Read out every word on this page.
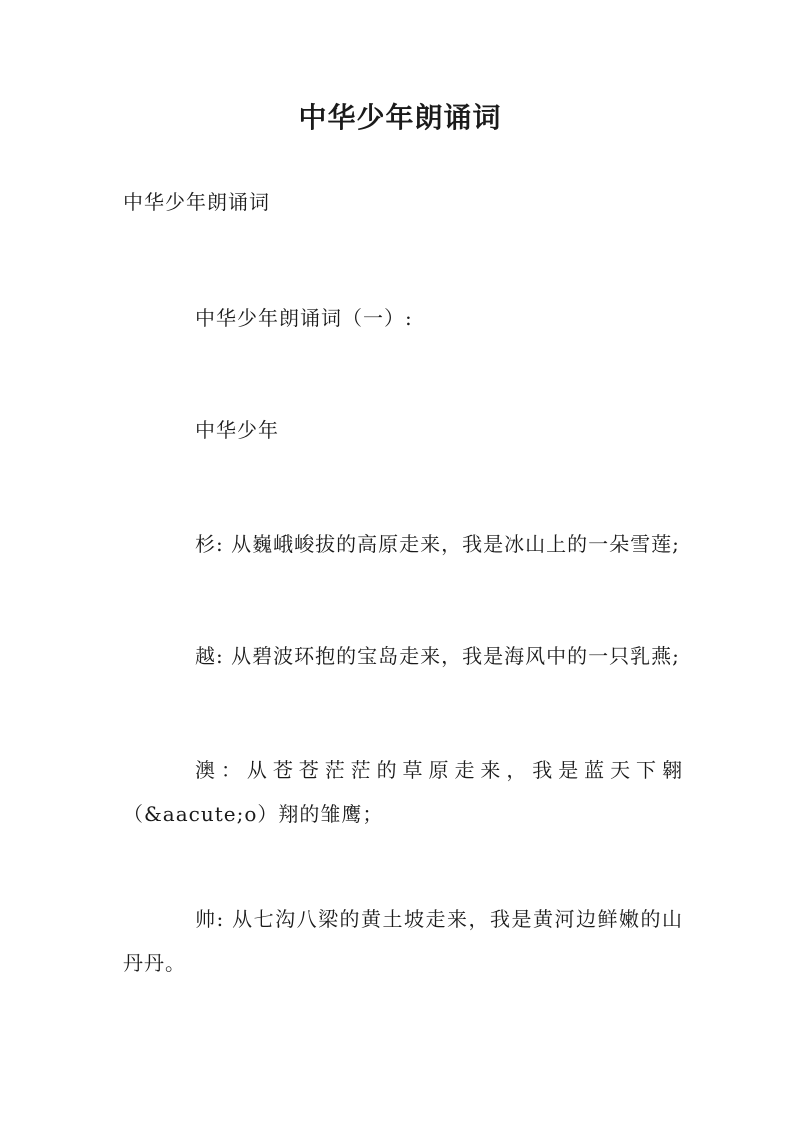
中华少年朗诵词

中华少年朗诵词

中华少年朗诵词（一）:

中华少年

杉: 从巍峨峻拔的高原走来，我是冰山上的一朵雪莲;

越: 从碧波环抱的宝岛走来，我是海风中的一只乳燕;

澳：从苍苍茫茫的草原走来，我是蓝天下翱（&aacute;o）翔的雏鹰；

帅: 从七沟八梁的黄土坡走来，我是黄河边鲜嫩的山丹丹。
